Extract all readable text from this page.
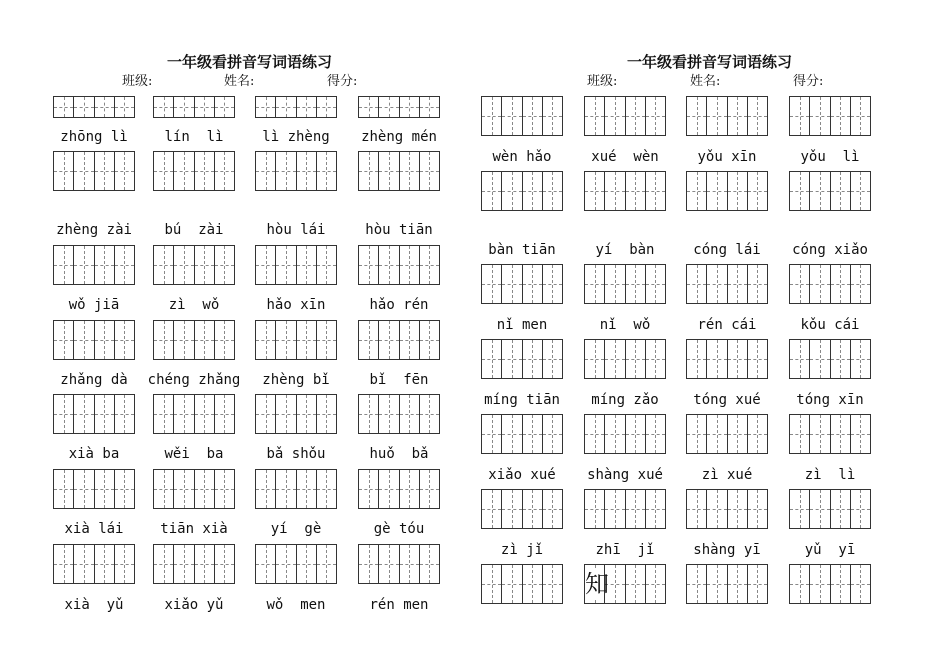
一年级看拼音写词语练习
班级:	姓名:	得分:
zhōng lì	lín  lì	lì zhèng	zhèng mén
zhèng zài	bú  zài	hòu lái	hòu tiān
wǒ jiā	zì  wǒ	hǎo xīn	hǎo rén
zhǎng dà	chéng zhǎng	zhèng bǐ	bǐ  fēn
xià ba	wěi  ba	bǎ shǒu	huǒ  bǎ
xià lái	tiān xià	yí  gè	gè tóu
xià  yǔ	xiǎo yǔ	wǒ  men	rén men
一年级看拼音写词语练习
班级:	姓名:	得分:
知
wèn hǎo	xué  wèn	yǒu xīn	yǒu  lì
bàn tiān	yí  bàn	cóng lái	cóng xiǎo
nǐ men	nǐ  wǒ	rén cái	kǒu cái
míng tiān	míng zǎo	tóng xué	tóng xīn
xiǎo xué	shàng xué	zì xué	zì  lì
zì jǐ	zhī  jǐ	shàng yī	yǔ  yī
